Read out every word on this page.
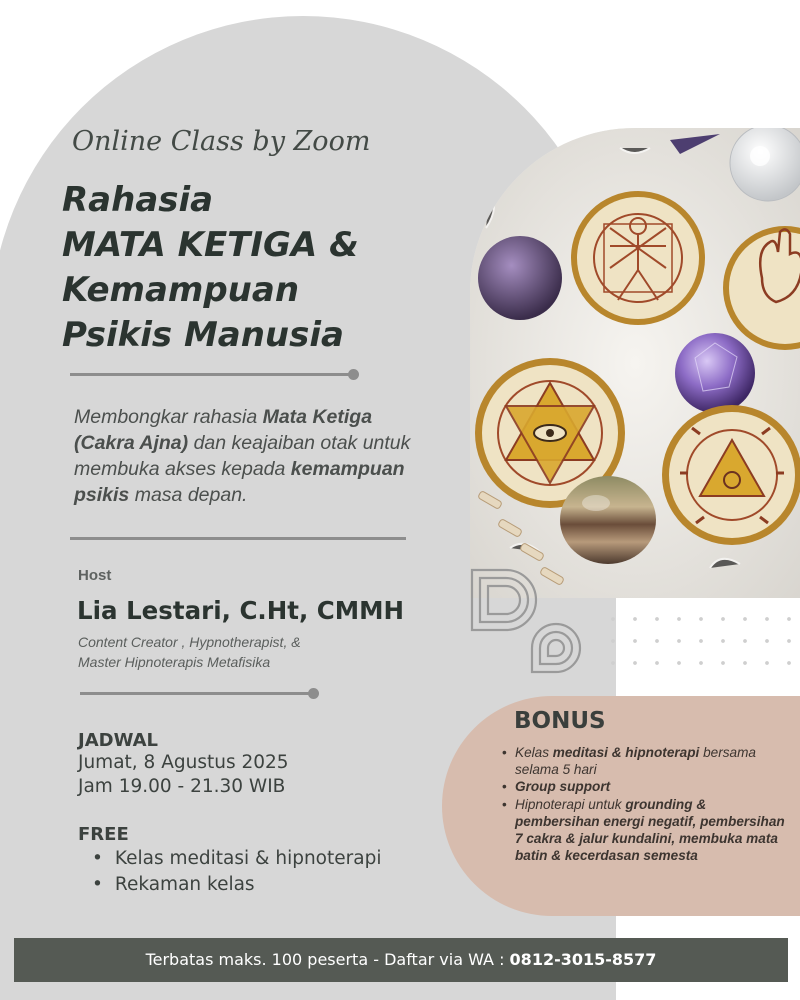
Online Class by Zoom
Rahasia
MATA KETIGA &
Kemampuan
Psikis Manusia
Membongkar rahasia Mata Ketiga (Cakra Ajna) dan keajaiban otak untuk membuka akses kepada kemampuan psikis masa depan.
Host
Lia Lestari, C.Ht, CMMH
Content Creator , Hypnotherapist, &
Master Hipnoterapis Metafisika
JADWAL
Jumat, 8 Agustus 2025
Jam 19.00 - 21.30 WIB
FREE
• Kelas meditasi & hipnoterapi
• Rekaman kelas
BONUS
• Kelas meditasi & hipnoterapi bersama selama 5 hari
• Group support
• Hipnoterapi untuk grounding & pembersihan energi negatif, pembersihan 7 cakra & jalur kundalini, membuka mata batin & kecerdasan semesta
Terbatas maks. 100 peserta - Daftar via WA : 0812-3015-8577
